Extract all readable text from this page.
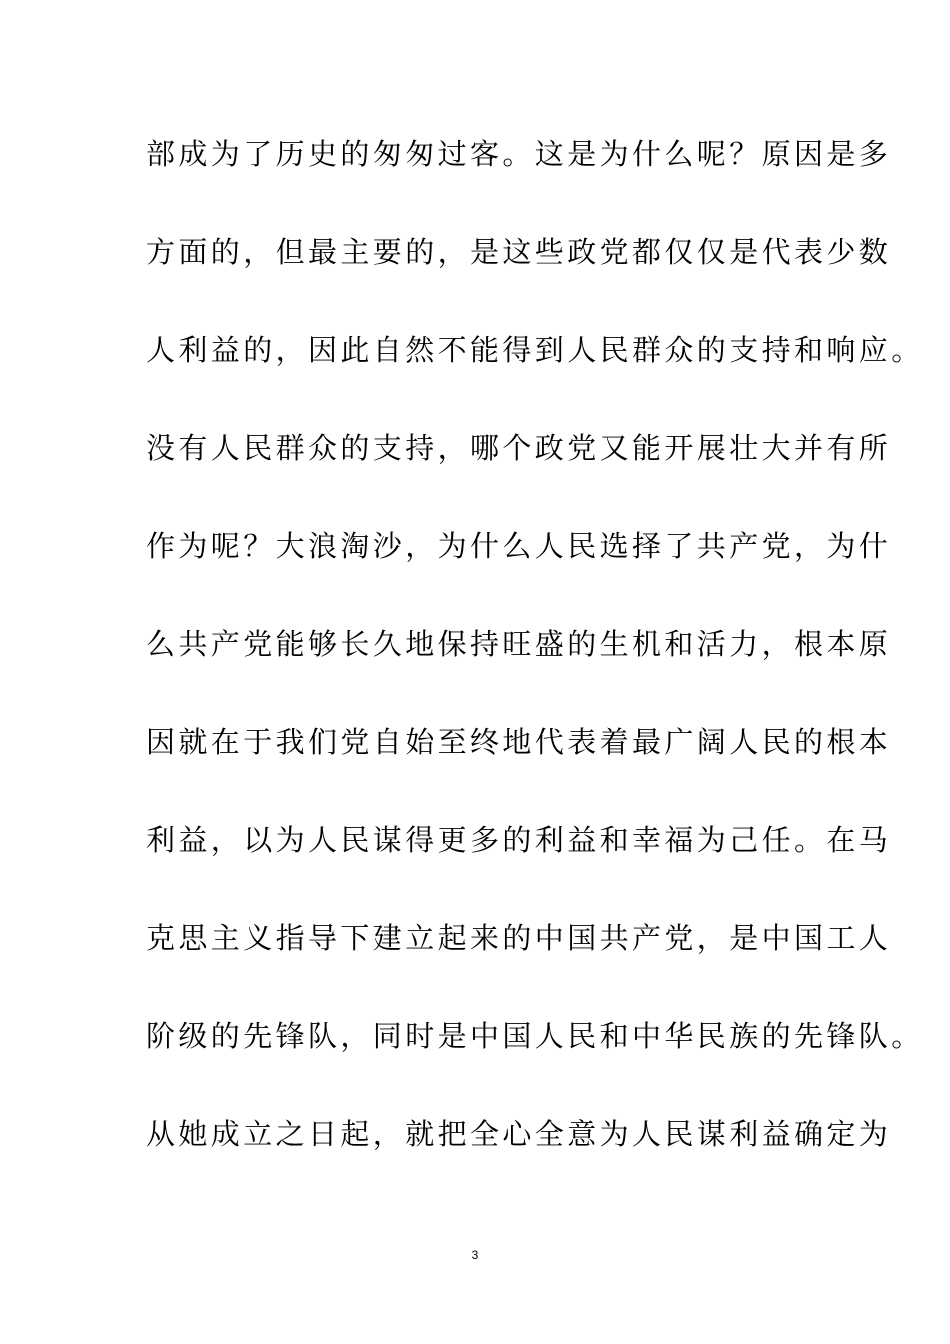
部成为了历史的匆匆过客。这是为什么呢？原因是多
方面的，但最主要的，是这些政党都仅仅是代表少数
人利益的，因此自然不能得到人民群众的支持和响应。
没有人民群众的支持，哪个政党又能开展壮大并有所
作为呢？大浪淘沙，为什么人民选择了共产党，为什
么共产党能够长久地保持旺盛的生机和活力，根本原
因就在于我们党自始至终地代表着最广阔人民的根本
利益，以为人民谋得更多的利益和幸福为己任。在马
克思主义指导下建立起来的中国共产党，是中国工人
阶级的先锋队，同时是中国人民和中华民族的先锋队。
从她成立之日起，就把全心全意为人民谋利益确定为
3
